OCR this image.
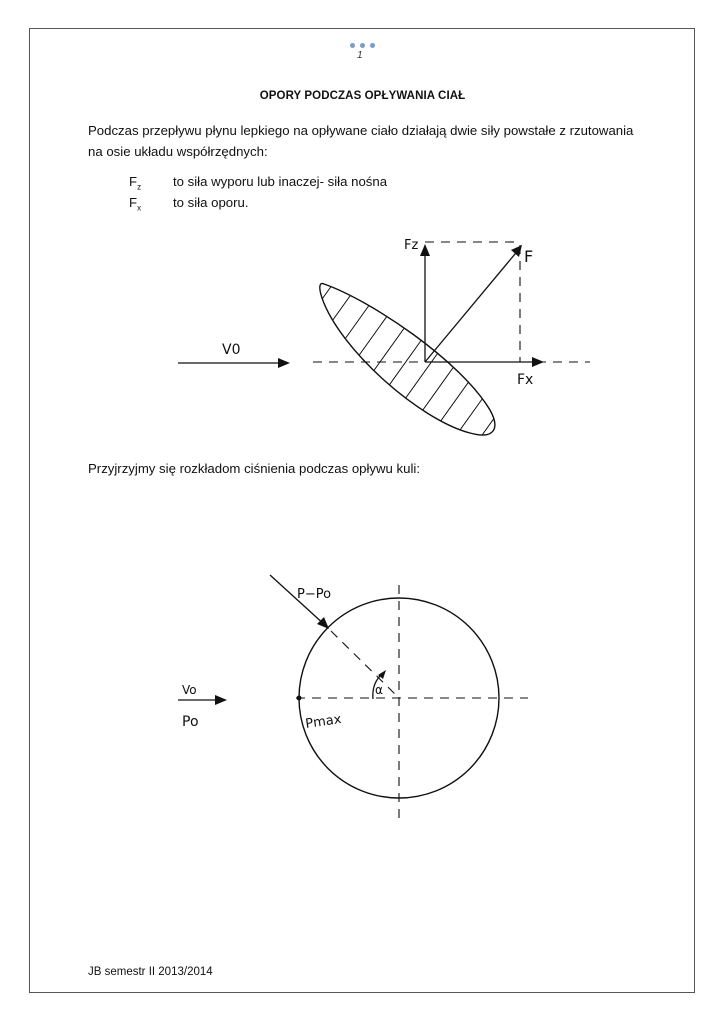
1
OPORY PODCZAS OPŁYWANIA CIAŁ
Podczas przepływu płynu lepkiego na opływane ciało działają dwie siły powstałe z rzutowania na osie układu współrzędnych:
$F_z$ to siła wyporu lub inaczej- siła nośna
$F_x$ to siła oporu.
Fz
F
Fx
V0
P−Po
Vo
Po
α
Pmax
Przyjrzyjmy się rozkładom ciśnienia podczas opływu kuli:
JB semestr II 2013/2014
